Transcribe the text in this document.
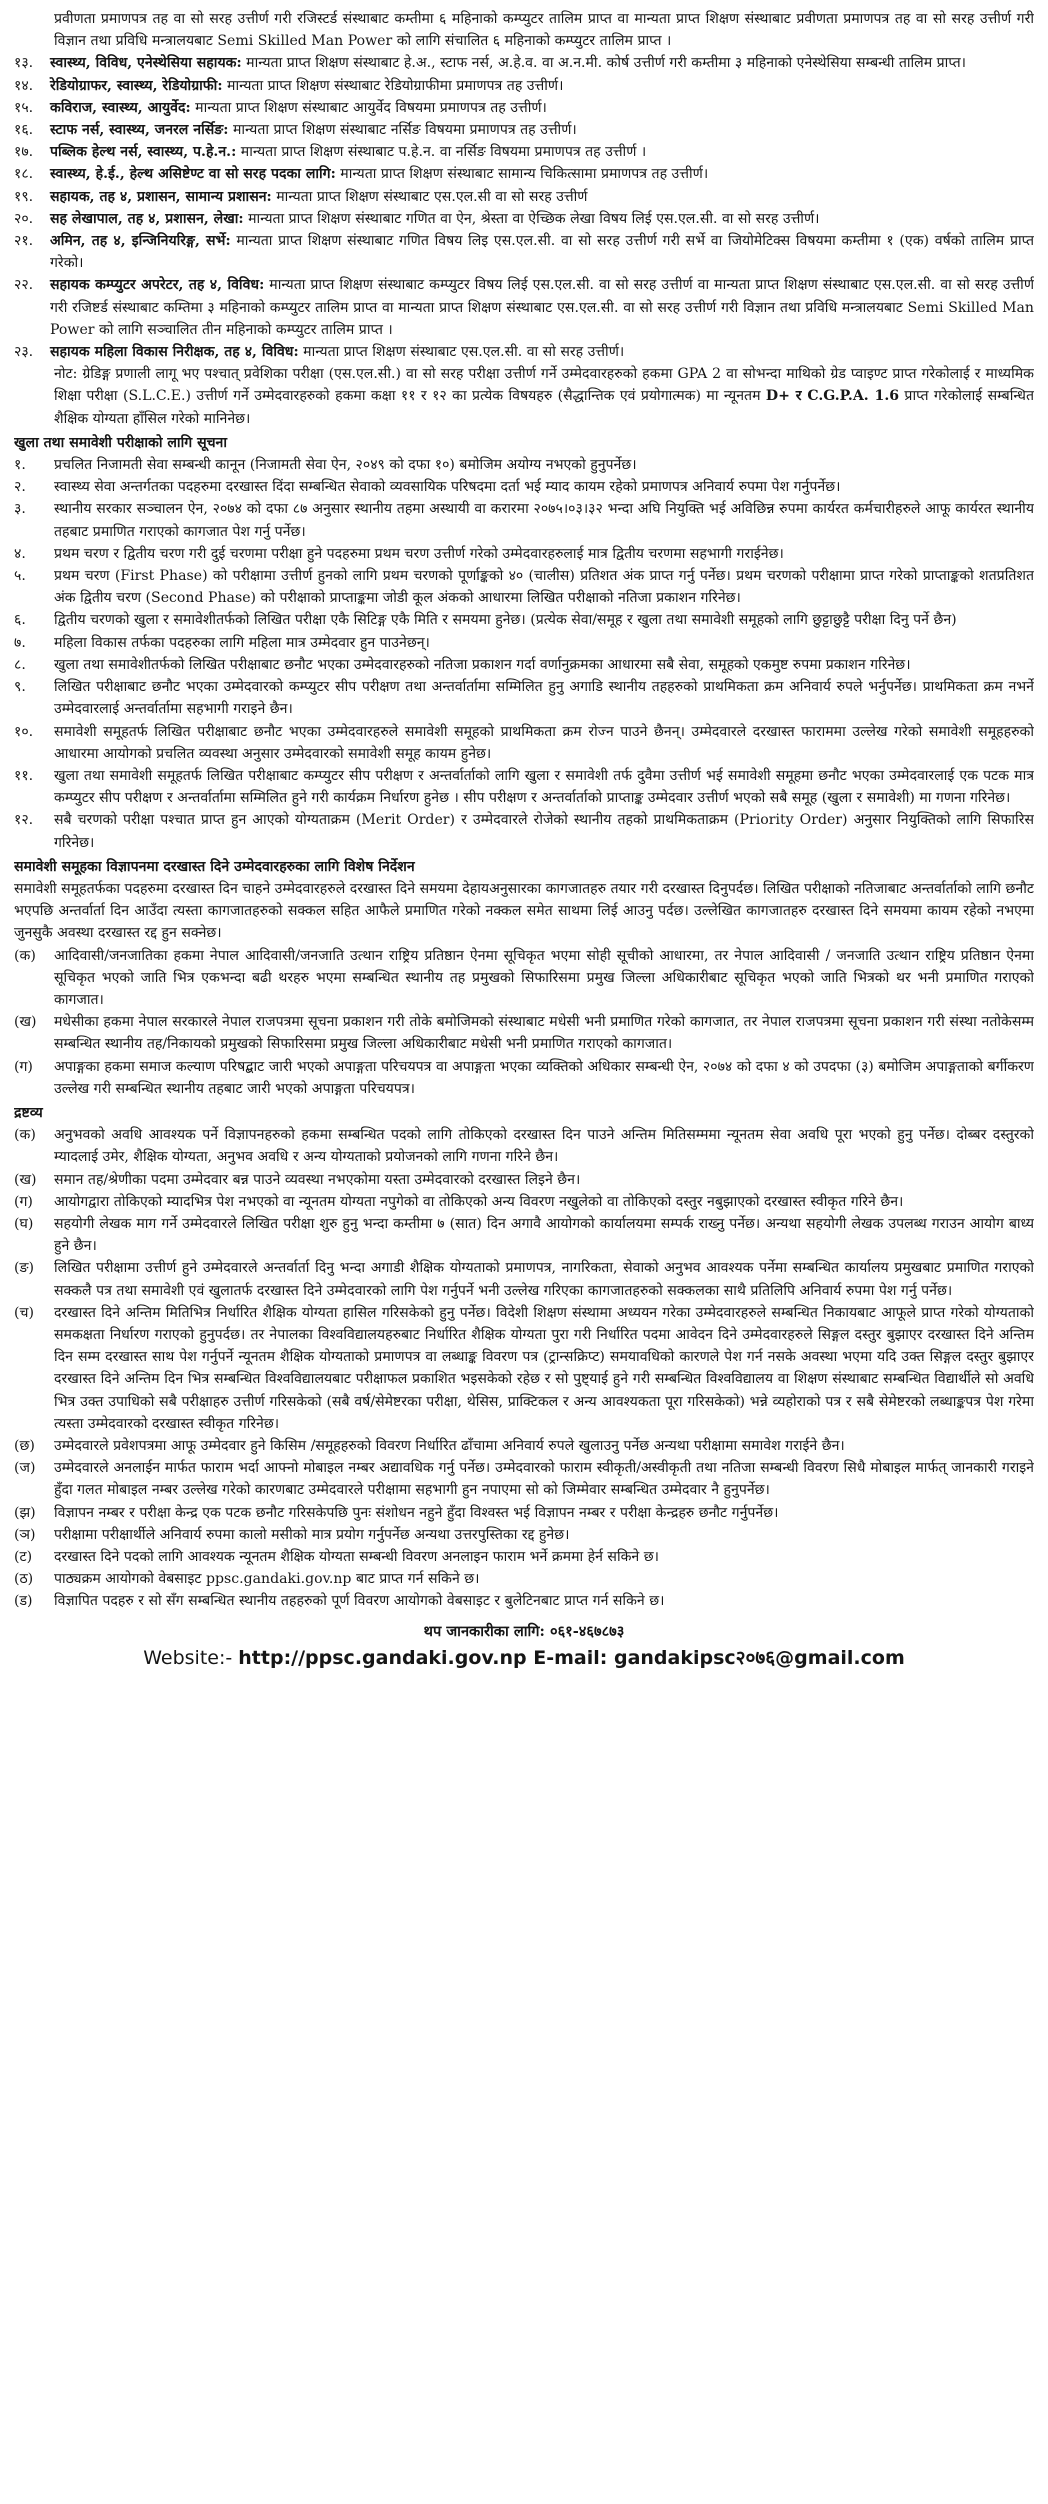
प्रवीणता प्रमाणपत्र तह वा सो सरह उत्तीर्ण गरी रजिस्टर्ड संस्थाबाट कम्तीमा ६ महिनाको कम्प्युटर तालिम प्राप्त वा मान्यता प्राप्त शिक्षण संस्थाबाट प्रवीणता प्रमाणपत्र तह वा सो सरह उत्तीर्ण गरी विज्ञान तथा प्रविधि मन्त्रालयबाट Semi Skilled Man Power को लागि संचालित ६ महिनाको कम्प्युटर तालिम प्राप्त ।
१३.	स्वास्थ्य, विविध, एनेस्थेसिया सहायक: मान्यता प्राप्त शिक्षण संस्थाबाट हे.अ., स्टाफ नर्स, अ.हे.व. वा अ.न.मी. कोर्ष उत्तीर्ण गरी कम्तीमा ३ महिनाको एनेस्थेसिया सम्बन्धी तालिम प्राप्त।
१४.	रेडियोग्राफर, स्वास्थ्य, रेडियोग्राफी: मान्यता प्राप्त शिक्षण संस्थाबाट रेडियोग्राफीमा प्रमाणपत्र तह उत्तीर्ण।
१५.	कविराज, स्वास्थ्य, आयुर्वेद: मान्यता प्राप्त शिक्षण संस्थाबाट आयुर्वेद विषयमा प्रमाणपत्र तह उत्तीर्ण।
१६.	स्टाफ नर्स, स्वास्थ्य, जनरल नर्सिङ: मान्यता प्राप्त शिक्षण संस्थाबाट नर्सिङ विषयमा प्रमाणपत्र तह उत्तीर्ण।
१७.	पब्लिक हेल्थ नर्स, स्वास्थ्य, प.हे.न.: मान्यता प्राप्त शिक्षण संस्थाबाट प.हे.न. वा नर्सिङ विषयमा प्रमाणपत्र तह उत्तीर्ण ।
१८.	स्वास्थ्य, हे.ई., हेल्थ असिष्टेण्ट वा सो सरह पदका लागि: मान्यता प्राप्त शिक्षण संस्थाबाट सामान्य चिकित्सामा प्रमाणपत्र तह उत्तीर्ण।
१९.	सहायक, तह ४, प्रशासन, सामान्य प्रशासन: मान्यता प्राप्त शिक्षण संस्थाबाट एस.एल.सी वा सो सरह उत्तीर्ण
२०.	सह लेखापाल, तह ४, प्रशासन, लेखा: मान्यता प्राप्त शिक्षण संस्थाबाट गणित वा ऐन, श्रेस्ता वा ऐच्छिक लेखा विषय लिई एस.एल.सी. वा सो सरह उत्तीर्ण।
२१.	अमिन, तह ४, इन्जिनियरिङ्ग, सर्भे: मान्यता प्राप्त शिक्षण संस्थाबाट गणित विषय लिइ एस.एल.सी. वा सो सरह उत्तीर्ण गरी सर्भे वा जियोमेटिक्स विषयमा कम्तीमा १ (एक) वर्षको तालिम प्राप्त गरेको।
२२.	सहायक कम्प्युटर अपरेटर, तह ४, विविध: मान्यता प्राप्त शिक्षण संस्थाबाट कम्प्युटर विषय लिई एस.एल.सी. वा सो सरह उत्तीर्ण वा मान्यता प्राप्त शिक्षण संस्थाबाट एस.एल.सी. वा सो सरह उत्तीर्ण गरी रजिष्टर्ड संस्थाबाट कम्तिमा ३ महिनाको कम्प्युटर तालिम प्राप्त वा मान्यता प्राप्त शिक्षण संस्थाबाट एस.एल.सी. वा सो सरह उत्तीर्ण गरी विज्ञान तथा प्रविधि मन्त्रालयबाट Semi Skilled Man Power को लागि सञ्चालित तीन महिनाको कम्प्युटर तालिम प्राप्त ।
२३.	सहायक महिला विकास निरीक्षक, तह ४, विविध: मान्यता प्राप्त शिक्षण संस्थाबाट एस.एल.सी. वा सो सरह उत्तीर्ण।
नोट: ग्रेडिङ्ग प्रणाली लागू भए पश्चात् प्रवेशिका परीक्षा (एस.एल.सी.) वा सो सरह परीक्षा उत्तीर्ण गर्ने उम्मेदवारहरुको हकमा GPA 2 वा सोभन्दा माथिको ग्रेड प्वाइण्ट प्राप्त गरेकोलाई र माध्यमिक शिक्षा परीक्षा (S.L.C.E.) उत्तीर्ण गर्ने उम्मेदवारहरुको हकमा कक्षा ११ र १२ का प्रत्येक विषयहरु (सैद्धान्तिक एवं प्रयोगात्मक) मा न्यूनतम D+ र C.G.P.A. 1.6 प्राप्त गरेकोलाई सम्बन्धित शैक्षिक योग्यता हाँसिल गरेको मानिनेछ।
खुला तथा समावेशी परीक्षाको लागि सूचना
१.	प्रचलित निजामती सेवा सम्बन्धी कानून (निजामती सेवा ऐन, २०४९ को दफा १०) बमोजिम अयोग्य नभएको हुनुपर्नेछ।
२.	स्वास्थ्य सेवा अन्तर्गतका पदहरुमा दरखास्त दिंदा सम्बन्धित सेवाको व्यवसायिक परिषदमा दर्ता भई म्याद कायम रहेको प्रमाणपत्र अनिवार्य रुपमा पेश गर्नुपर्नेछ।
३.	स्थानीय सरकार सञ्चालन ऐन, २०७४ को दफा ८७ अनुसार स्थानीय तहमा अस्थायी वा करारमा २०७५।०३।३२ भन्दा अघि नियुक्ति भई अविछिन्न रुपमा कार्यरत कर्मचारीहरुले आफू कार्यरत स्थानीय तहबाट प्रमाणित गराएको कागजात पेश गर्नु पर्नेछ।
४.	प्रथम चरण र द्वितीय चरण गरी दुई चरणमा परीक्षा हुने पदहरुमा प्रथम चरण उत्तीर्ण गरेको उम्मेदवारहरुलाई मात्र द्वितीय चरणमा सहभागी गराईनेछ।
५.	प्रथम चरण (First Phase) को परीक्षामा उत्तीर्ण हुनको लागि प्रथम चरणको पूर्णाङ्कको ४० (चालीस) प्रतिशत अंक प्राप्त गर्नु पर्नेछ। प्रथम चरणको परीक्षामा प्राप्त गरेको प्राप्ताङ्कको शतप्रतिशत अंक द्वितीय चरण (Second Phase) को परीक्षाको प्राप्ताङ्कमा जोडी कूल अंकको आधारमा लिखित परीक्षाको नतिजा प्रकाशन गरिनेछ।
६.	द्वितीय चरणको खुला र समावेशीतर्फको लिखित परीक्षा एकै सिटिङ्ग एकै मिति र समयमा हुनेछ। (प्रत्येक सेवा/समूह र खुला तथा समावेशी समूहको लागि छुट्टाछुट्टै परीक्षा दिनु पर्ने छैन)
७.	महिला विकास तर्फका पदहरुका लागि महिला मात्र उम्मेदवार हुन पाउनेछन्।
८.	खुला तथा समावेशीतर्फको लिखित परीक्षाबाट छनौट भएका उम्मेदवारहरुको नतिजा प्रकाशन गर्दा वर्णानुक्रमका आधारमा सबै सेवा, समूहको एकमुष्ट रुपमा प्रकाशन गरिनेछ।
९.	लिखित परीक्षाबाट छनौट भएका उम्मेदवारको कम्प्युटर सीप परीक्षण तथा अन्तर्वार्तामा सम्मिलित हुनु अगाडि स्थानीय तहहरुको प्राथमिकता क्रम अनिवार्य रुपले भर्नुपर्नेछ। प्राथमिकता क्रम नभर्ने उम्मेदवारलाई अन्तर्वार्तामा सहभागी गराइने छैन।
१०.	समावेशी समूहतर्फ लिखित परीक्षाबाट छनौट भएका उम्मेदवारहरुले समावेशी समूहको प्राथमिकता क्रम रोज्न पाउने छैनन्। उम्मेदवारले दरखास्त फाराममा उल्लेख गरेको समावेशी समूहहरुको आधारमा आयोगको प्रचलित व्यवस्था अनुसार उम्मेदवारको समावेशी समूह कायम हुनेछ।
११.	खुला तथा समावेशी समूहतर्फ लिखित परीक्षाबाट कम्प्युटर सीप परीक्षण र अन्तर्वार्ताको लागि खुला र समावेशी तर्फ दुवैमा उत्तीर्ण भई समावेशी समूहमा छनौट भएका उम्मेदवारलाई एक पटक मात्र कम्प्युटर सीप परीक्षण र अन्तर्वार्तामा सम्मिलित हुने गरी कार्यक्रम निर्धारण हुनेछ । सीप परीक्षण र अन्तर्वार्ताको प्राप्ताङ्क उम्मेदवार उत्तीर्ण भएको सबै समूह (खुला र समावेशी) मा गणना गरिनेछ।
१२.	सबै चरणको परीक्षा पश्चात प्राप्त हुन आएको योग्यताक्रम (Merit Order) र उम्मेदवारले रोजेको स्थानीय तहको प्राथमिकताक्रम (Priority Order) अनुसार नियुक्तिको लागि सिफारिस गरिनेछ।
समावेशी समूहका विज्ञापनमा दरखास्त दिने उम्मेदवारहरुका लागि विशेष निर्देशन
समावेशी समूहतर्फका पदहरुमा दरखास्त दिन चाहने उम्मेदवारहरुले दरखास्त दिने समयमा देहायअनुसारका कागजातहरु तयार गरी दरखास्त दिनुपर्दछ। लिखित परीक्षाको नतिजाबाट अन्तर्वार्ताको लागि छनौट भएपछि अन्तर्वार्ता दिन आउँदा त्यस्ता कागजातहरुको सक्कल सहित आफैले प्रमाणित गरेको नक्कल समेत साथमा लिई आउनु पर्दछ। उल्लेखित कागजातहरु दरखास्त दिने समयमा कायम रहेको नभएमा जुनसुकै अवस्था दरखास्त रद्द हुन सक्नेछ।
(क)	आदिवासी/जनजातिका हकमा नेपाल आदिवासी/जनजाति उत्थान राष्ट्रिय प्रतिष्ठान ऐनमा सूचिकृत भएमा सोही सूचीको आधारमा, तर नेपाल आदिवासी / जनजाति उत्थान राष्ट्रिय प्रतिष्ठान ऐनमा सूचिकृत भएको जाति भित्र एकभन्दा बढी थरहरु भएमा सम्बन्धित स्थानीय तह प्रमुखको सिफारिसमा प्रमुख जिल्ला अधिकारीबाट सूचिकृत भएको जाति भित्रको थर भनी प्रमाणित गराएको कागजात।
(ख)	मधेसीका हकमा नेपाल सरकारले नेपाल राजपत्रमा सूचना प्रकाशन गरी तोके बमोजिमको संस्थाबाट मधेसी भनी प्रमाणित गरेको कागजात, तर नेपाल राजपत्रमा सूचना प्रकाशन गरी संस्था नतोकेसम्म सम्बन्धित स्थानीय तह/निकायको प्रमुखको सिफारिसमा प्रमुख जिल्ला अधिकारीबाट मधेसी भनी प्रमाणित गराएको कागजात।
(ग)	अपाङ्गका हकमा समाज कल्याण परिषद्बाट जारी भएको अपाङ्गता परिचयपत्र वा अपाङ्गता भएका व्यक्तिको अधिकार सम्बन्धी ऐन, २०७४ को दफा ४ को उपदफा (३) बमोजिम अपाङ्गताको बर्गीकरण उल्लेख गरी सम्बन्धित स्थानीय तहबाट जारी भएको अपाङ्गता परिचयपत्र।
द्रष्टव्य
(क)	अनुभवको अवधि आवश्यक पर्ने विज्ञापनहरुको हकमा सम्बन्धित पदको लागि तोकिएको दरखास्त दिन पाउने अन्तिम मितिसम्ममा न्यूनतम सेवा अवधि पूरा भएको हुनु पर्नेछ। दोब्बर दस्तुरको म्यादलाई उमेर, शैक्षिक योग्यता, अनुभव अवधि र अन्य योग्यताको प्रयोजनको लागि गणना गरिने छैन।
(ख)	समान तह/श्रेणीका पदमा उम्मेदवार बन्न पाउने व्यवस्था नभएकोमा यस्ता उम्मेदवारको दरखास्त लिइने छैन।
(ग)	आयोगद्वारा तोकिएको म्यादभित्र पेश नभएको वा न्यूनतम योग्यता नपुगेको वा तोकिएको अन्य विवरण नखुलेको वा तोकिएको दस्तुर नबुझाएको दरखास्त स्वीकृत गरिने छैन।
(घ)	सहयोगी लेखक माग गर्ने उम्मेदवारले लिखित परीक्षा शुरु हुनु भन्दा कम्तीमा ७ (सात) दिन अगावै आयोगको कार्यालयमा सम्पर्क राख्नु पर्नेछ। अन्यथा सहयोगी लेखक उपलब्ध गराउन आयोग बाध्य हुने छैन।
(ङ)	लिखित परीक्षामा उत्तीर्ण हुने उम्मेदवारले अन्तर्वार्ता दिनु भन्दा अगाडी शैक्षिक योग्यताको प्रमाणपत्र, नागरिकता, सेवाको अनुभव आवश्यक पर्नेमा सम्बन्धित कार्यालय प्रमुखबाट प्रमाणित गराएको सक्कलै पत्र तथा समावेशी एवं खुलातर्फ दरखास्त दिने उम्मेदवारको लागि पेश गर्नुपर्ने भनी उल्लेख गरिएका कागजातहरुको सक्कलका साथै प्रतिलिपि अनिवार्य रुपमा पेश गर्नु पर्नेछ।
(च)	दरखास्त दिने अन्तिम मितिभित्र निर्धारित शैक्षिक योग्यता हासिल गरिसकेको हुनु पर्नेछ। विदेशी शिक्षण संस्थामा अध्ययन गरेका उम्मेदवारहरुले सम्बन्धित निकायबाट आफूले प्राप्त गरेको योग्यताको समकक्षता निर्धारण गराएको हुनुपर्दछ। तर नेपालका विश्वविद्यालयहरुबाट निर्धारित शैक्षिक योग्यता पुरा गरी निर्धारित पदमा आवेदन दिने उम्मेदवारहरुले सिङ्गल दस्तुर बुझाएर दरखास्त दिने अन्तिम दिन सम्म दरखास्त साथ पेश गर्नुपर्ने न्यूनतम शैक्षिक योग्यताको प्रमाणपत्र वा लब्धाङ्क विवरण पत्र (ट्रान्सक्रिप्ट) समयावधिको कारणले पेश गर्न नसके अवस्था भएमा यदि उक्त सिङ्गल दस्तुर बुझाएर दरखास्त दिने अन्तिम दिन भित्र सम्बन्धित विश्वविद्यालयबाट परीक्षाफल प्रकाशित भइसकेको रहेछ र सो पुष्ट्याई हुने गरी सम्बन्धित विश्वविद्यालय वा शिक्षण संस्थाबाट सम्बन्धित विद्यार्थीले सो अवधि भित्र उक्त उपाधिको सबै परीक्षाहरु उत्तीर्ण गरिसकेको (सबै वर्ष/सेमेष्टरका परीक्षा, थेसिस, प्राक्टिकल र अन्य आवश्यकता पूरा गरिसकेको) भन्ने व्यहोराको पत्र र सबै सेमेष्टरको लब्धाङ्कपत्र पेश गरेमा त्यस्ता उम्मेदवारको दरखास्त स्वीकृत गरिनेछ।
(छ)	उम्मेदवारले प्रवेशपत्रमा आफू उम्मेदवार हुने किसिम /समूहहरुको विवरण निर्धारित ढाँचामा अनिवार्य रुपले खुलाउनु पर्नेछ अन्यथा परीक्षामा समावेश गराईने छैन।
(ज)	उम्मेदवारले अनलाईन मार्फत फाराम भर्दा आफ्नो मोबाइल नम्बर अद्यावधिक गर्नु पर्नेछ। उम्मेदवारको फाराम स्वीकृती/अस्वीकृती तथा नतिजा सम्बन्धी विवरण सिधै मोबाइल मार्फत् जानकारी गराइने हुँदा गलत मोबाइल नम्बर उल्लेख गरेको कारणबाट उम्मेदवारले परीक्षामा सहभागी हुन नपाएमा सो को जिम्मेवार सम्बन्धित उम्मेदवार नै हुनुपर्नेछ।
(झ)	विज्ञापन नम्बर र परीक्षा केन्द्र एक पटक छनौट गरिसकेपछि पुनः संशोधन नहुने हुँदा विश्वस्त भई विज्ञापन नम्बर र परीक्षा केन्द्रहरु छनौट गर्नुपर्नेछ।
(ञ)	परीक्षामा परीक्षार्थीले अनिवार्य रुपमा कालो मसीको मात्र प्रयोग गर्नुपर्नेछ अन्यथा उत्तरपुस्तिका रद्द हुनेछ।
(ट)	दरखास्त दिने पदको लागि आवश्यक न्यूनतम शैक्षिक योग्यता सम्बन्धी विवरण अनलाइन फाराम भर्ने क्रममा हेर्न सकिने छ।
(ठ)	पाठ्यक्रम आयोगको वेबसाइट ppsc.gandaki.gov.np बाट प्राप्त गर्न सकिने छ।
(ड)	विज्ञापित पदहरु र सो सँग सम्बन्धित स्थानीय तहहरुको पूर्ण विवरण आयोगको वेबसाइट र बुलेटिनबाट प्राप्त गर्न सकिने छ।
थप जानकारीका लागि: ०६१-४६७८७३
Website:- http://ppsc.gandaki.gov.np E-mail: gandakipsc२०७६@gmail.com
